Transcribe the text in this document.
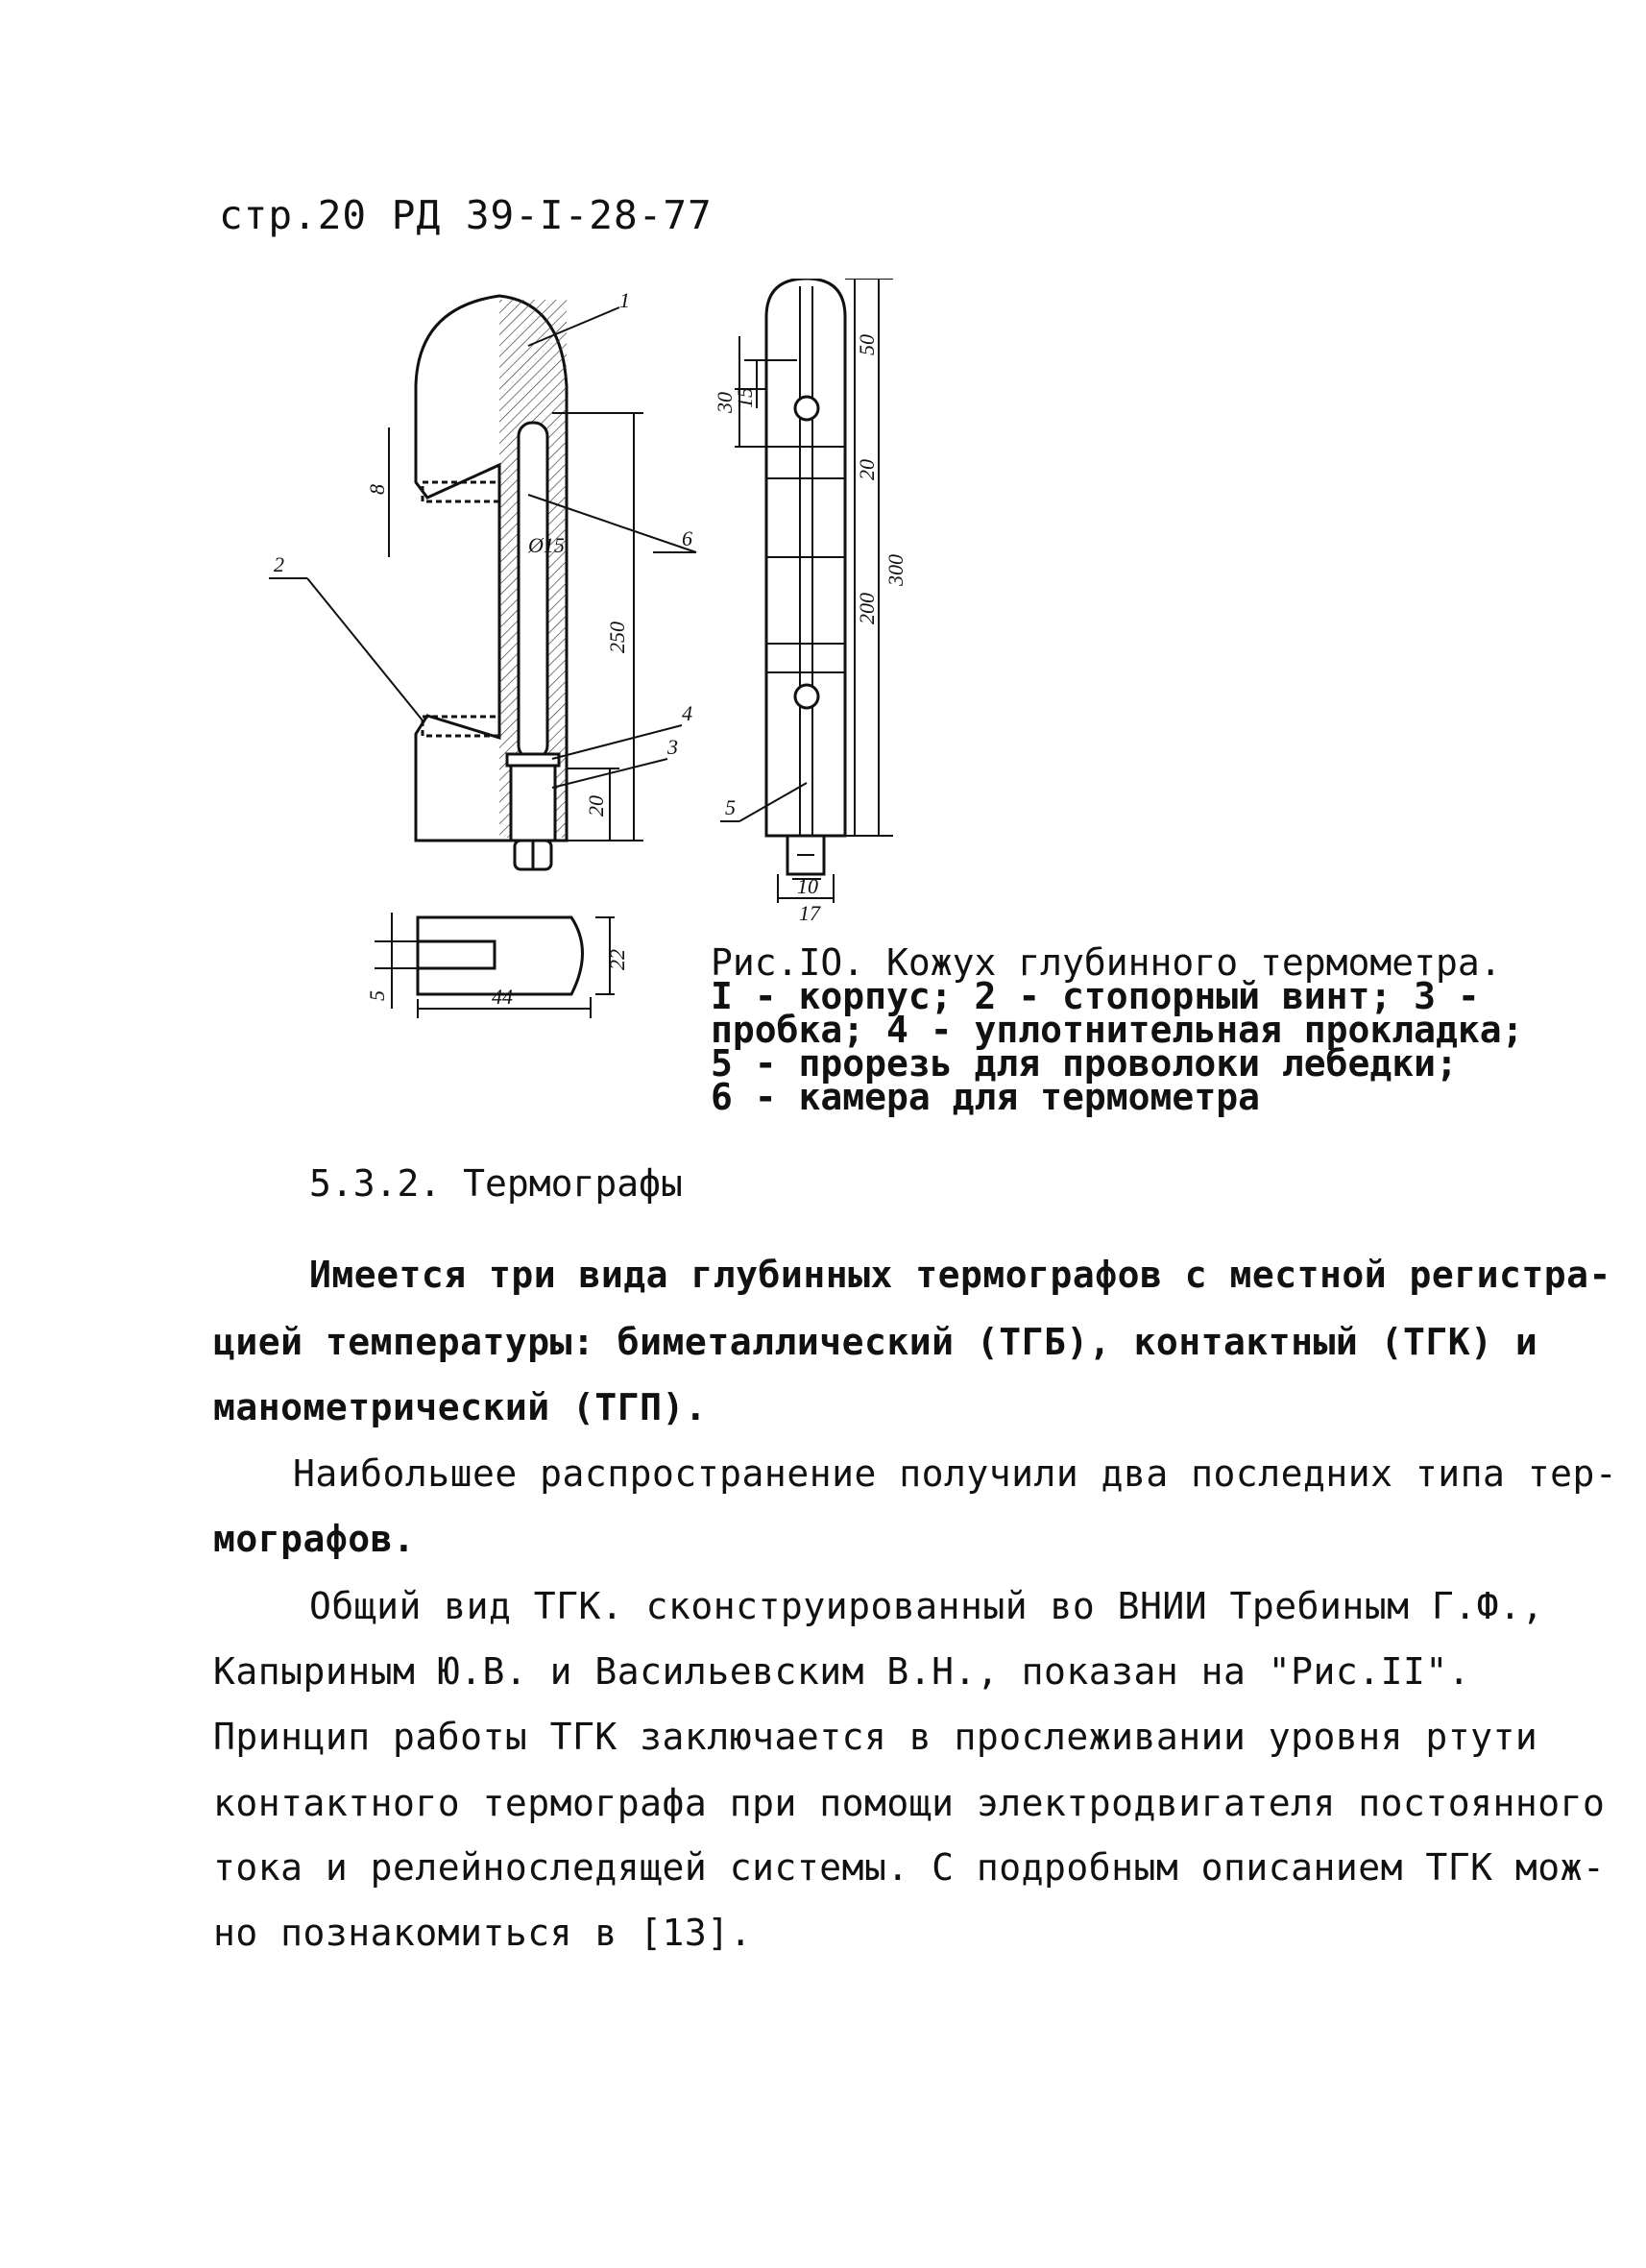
стр.20 РД 39-I-28-77
1
2
3
4
5
6
8
Ø15
250
20
50
20
15
30
300
200
10
17
5
22
44
Рис.IO. Кожух глубинного термометра.
I - корпус; 2 - стопорный винт; 3 -
пробка; 4 - уплотнительная прокладка;
5 - прорезь для проволоки лебедки;
6 - камера для термометра
5.3.2. Термографы
Имеется три вида глубинных термографов с местной регистра-
цией температуры: биметаллический (ТГБ), контактный (ТГК) и
манометрический (ТГП).
Наибольшее распространение получили два последних типа тер-
мографов.
Общий вид ТГК. сконструированный во ВНИИ Требиным Г.Ф.,
Капыриным Ю.В. и Васильевским В.Н., показан на "Рис.II".
Принцип работы ТГК заключается в прослеживании уровня ртути
контактного термографа при помощи электродвигателя постоянного
тока и релейноследящей системы. С подробным описанием ТГК мож-
но познакомиться в [13].
